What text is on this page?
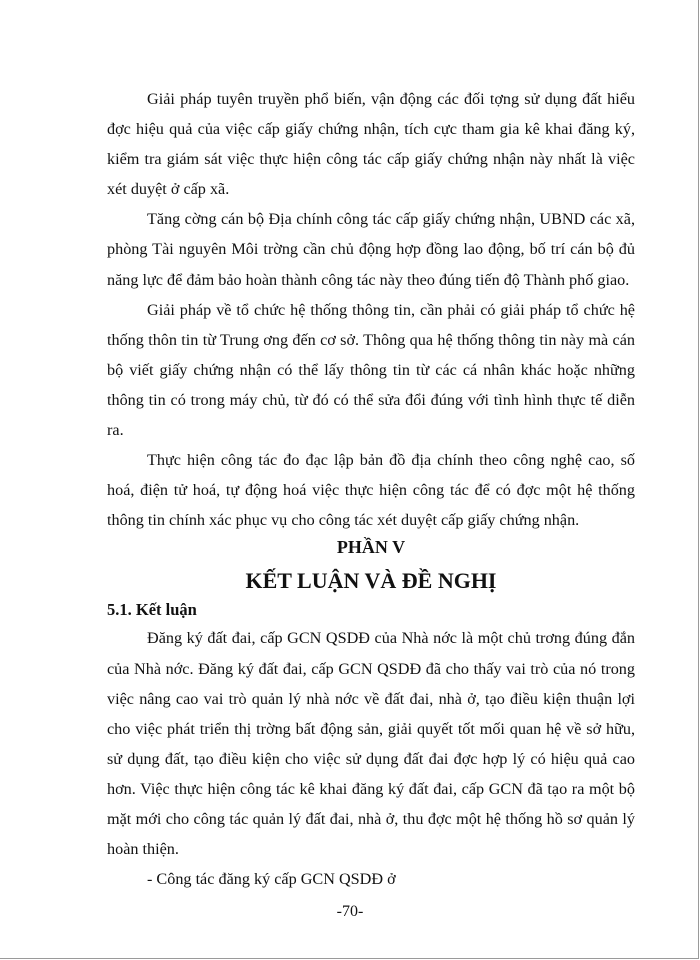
Giải pháp tuyên truyền phổ biến, vận động các đối tợng sử dụng đất hiểu đợc hiệu quả của việc cấp giấy chứng nhận, tích cực tham gia kê khai đăng ký, kiểm tra giám sát việc thực hiện công tác cấp giấy chứng nhận này nhất là việc xét duyệt ở cấp xã.

Tăng cờng cán bộ Địa chính công tác cấp giấy chứng nhận, UBND các xã, phòng Tài nguyên Môi trờng cần chủ động hợp đồng lao động, bố trí cán bộ đủ năng lực để đảm bảo hoàn thành công tác này theo đúng tiến độ Thành phố giao.

Giải pháp về tổ chức hệ thống thông tin, cần phải có giải pháp tổ chức hệ thống thôn tin từ Trung ơng đến cơ sở. Thông qua hệ thống thông tin này mà cán bộ viết giấy chứng nhận có thể lấy thông tin từ các cá nhân khác hoặc những thông tin có trong máy chủ, từ đó có thể sửa đổi đúng với tình hình thực tế diễn ra.

Thực hiện công tác đo đạc lập bản đồ địa chính theo công nghệ cao, số hoá, điện tử hoá, tự động hoá việc thực hiện công tác để có đợc một hệ thống thông tin chính xác phục vụ cho công tác xét duyệt cấp giấy chứng nhận.

PHẦN V
KẾT LUẬN VÀ ĐỀ NGHỊ
5.1. Kết luận

Đăng ký đất đai, cấp GCN QSDĐ của Nhà nớc là một chủ trơng đúng đắn của Nhà nớc. Đăng ký đất đai, cấp GCN QSDĐ đã cho thấy vai trò của nó trong việc nâng cao vai trò quản lý nhà nớc về đất đai, nhà ở, tạo điều kiện thuận lợi cho việc phát triển thị trờng bất động sản, giải quyết tốt mối quan hệ về sở hữu, sử dụng đất, tạo điều kiện cho việc sử dụng đất đai đợc hợp lý có hiệu quả cao hơn. Việc thực hiện công tác kê khai đăng ký đất đai, cấp GCN đã tạo ra một bộ mặt mới cho công tác quản lý đất đai, nhà ở, thu đợc một hệ thống hồ sơ quản lý hoàn thiện.

- Công tác đăng ký cấp GCN QSDĐ ở

-70-
